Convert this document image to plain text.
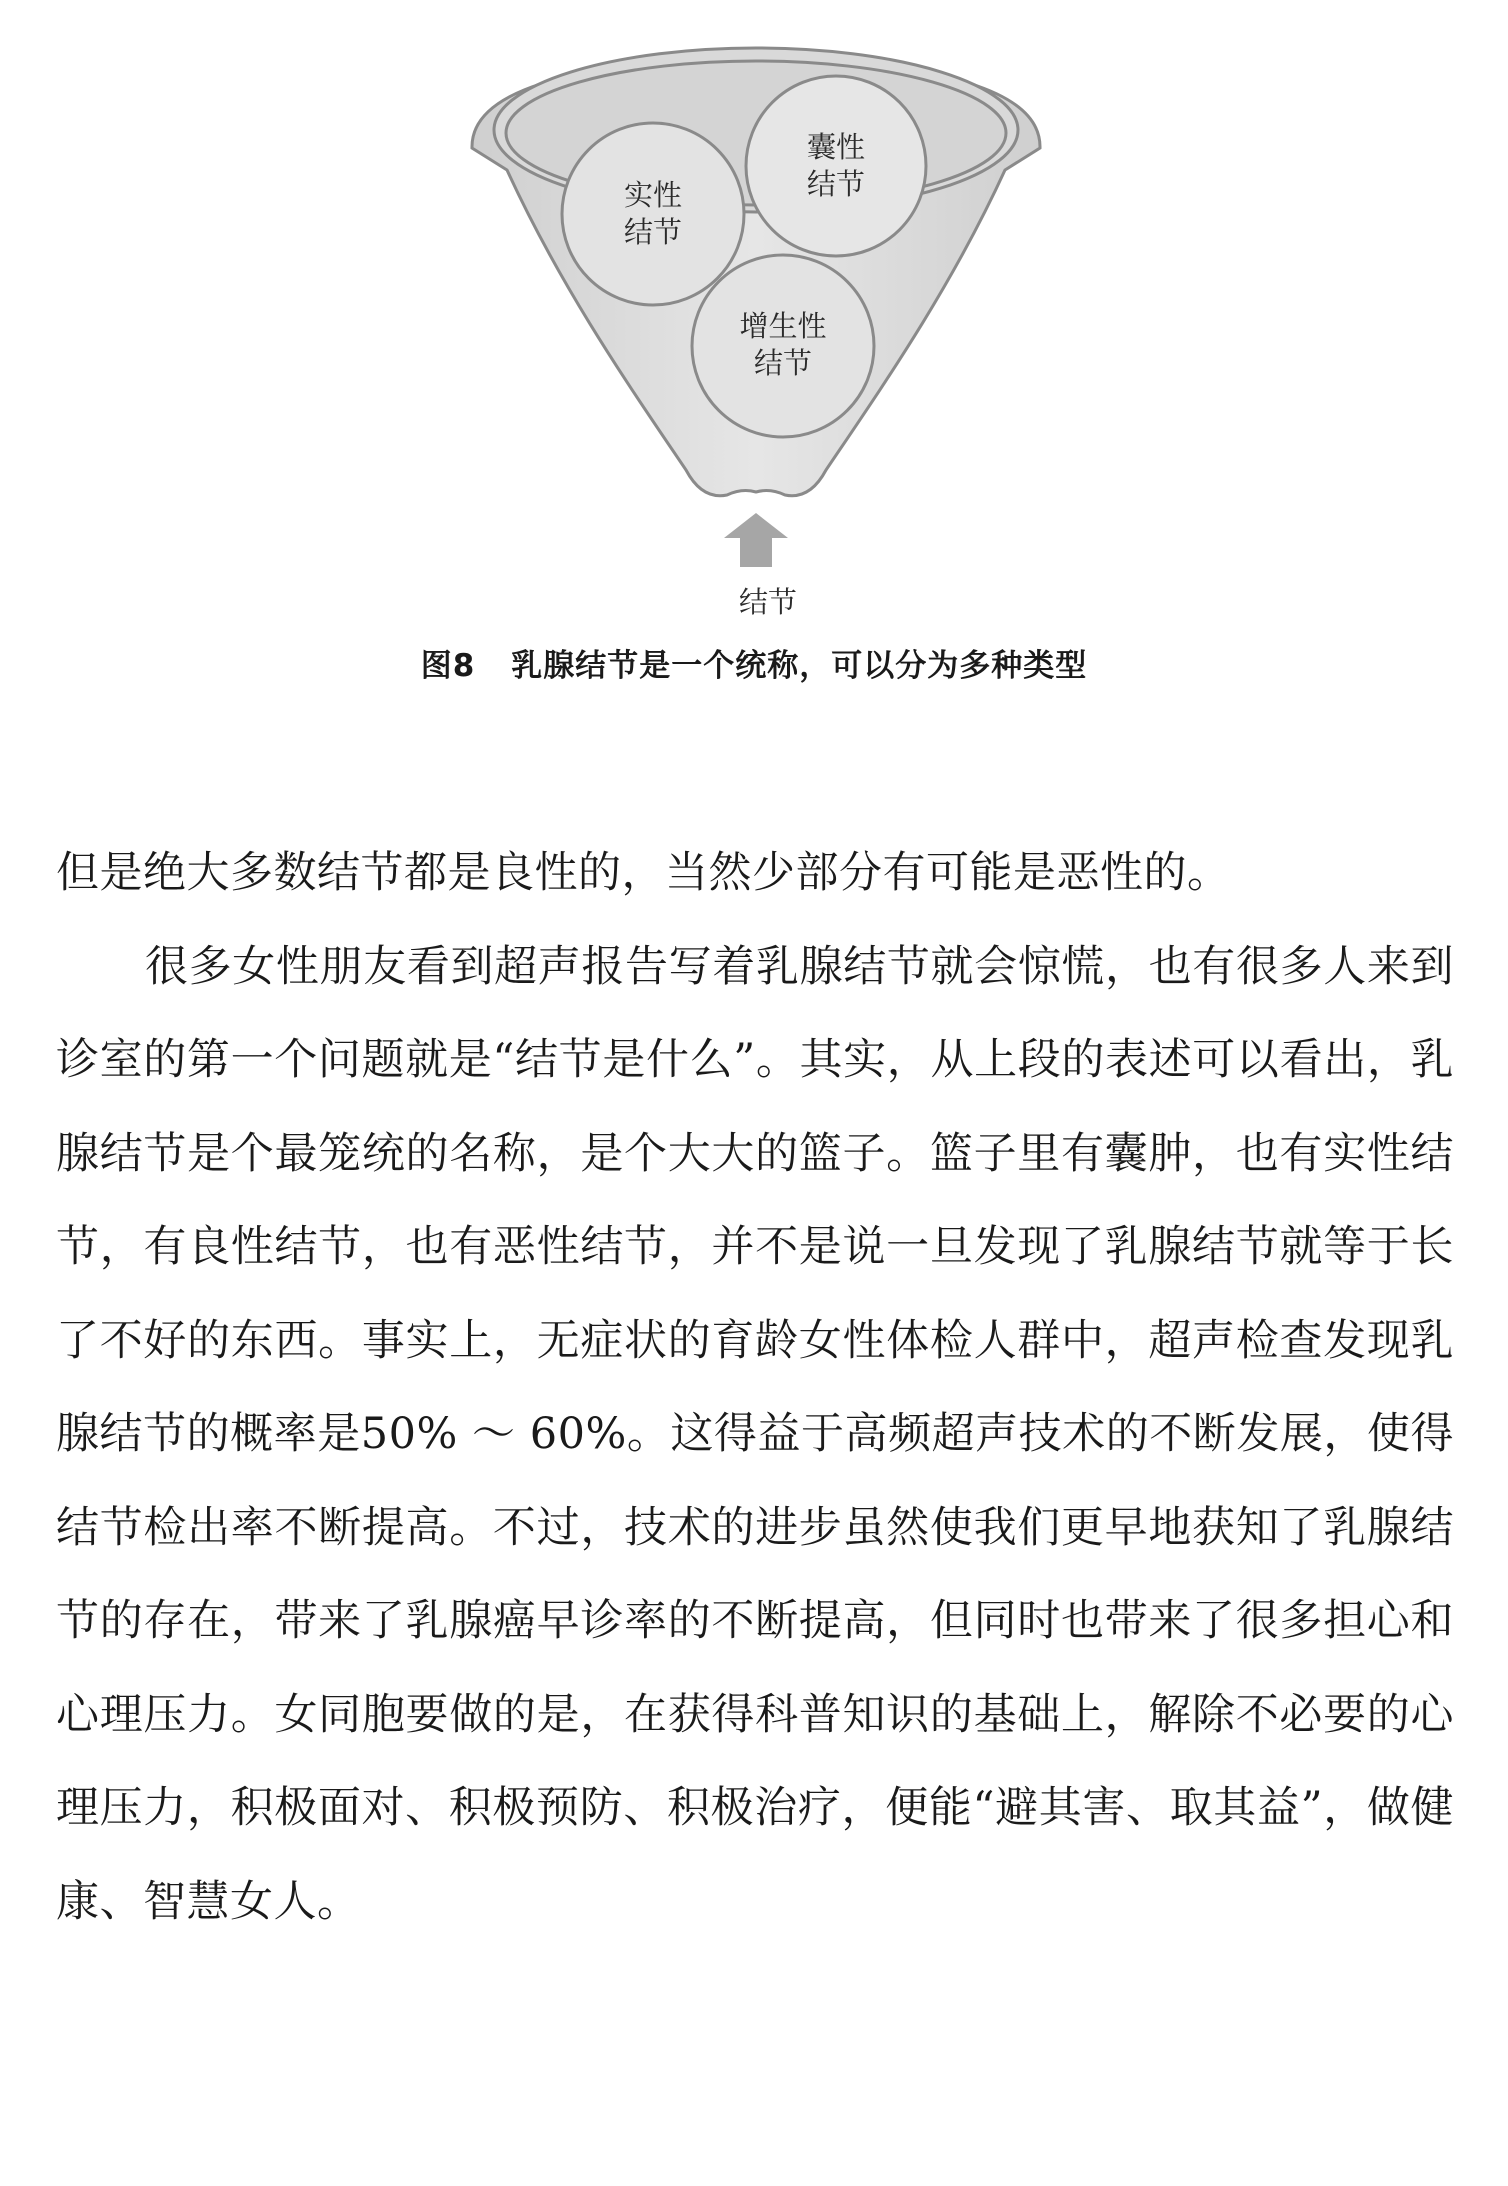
实性
结节
囊性
结节
增生性
结节
结节
图8 乳腺结节是一个统称，可以分为多种类型

但是绝大多数结节都是良性的，当然少部分有可能是恶性的。

很多女性朋友看到超声报告写着乳腺结节就会惊慌，也有很多人来到诊室的第一个问题就是“结节是什么”。其实，从上段的表述可以看出，乳腺结节是个最笼统的名称，是个大大的篮子。篮子里有囊肿，也有实性结节，有良性结节，也有恶性结节，并不是说一旦发现了乳腺结节就等于长了不好的东西。事实上，无症状的育龄女性体检人群中，超声检查发现乳腺结节的概率是50% ～ 60%。这得益于高频超声技术的不断发展，使得结节检出率不断提高。不过，技术的进步虽然使我们更早地获知了乳腺结节的存在，带来了乳腺癌早诊率的不断提高，但同时也带来了很多担心和心理压力。女同胞要做的是，在获得科普知识的基础上，解除不必要的心理压力，积极面对、积极预防、积极治疗，便能“避其害、取其益”，做健康、智慧女人。
